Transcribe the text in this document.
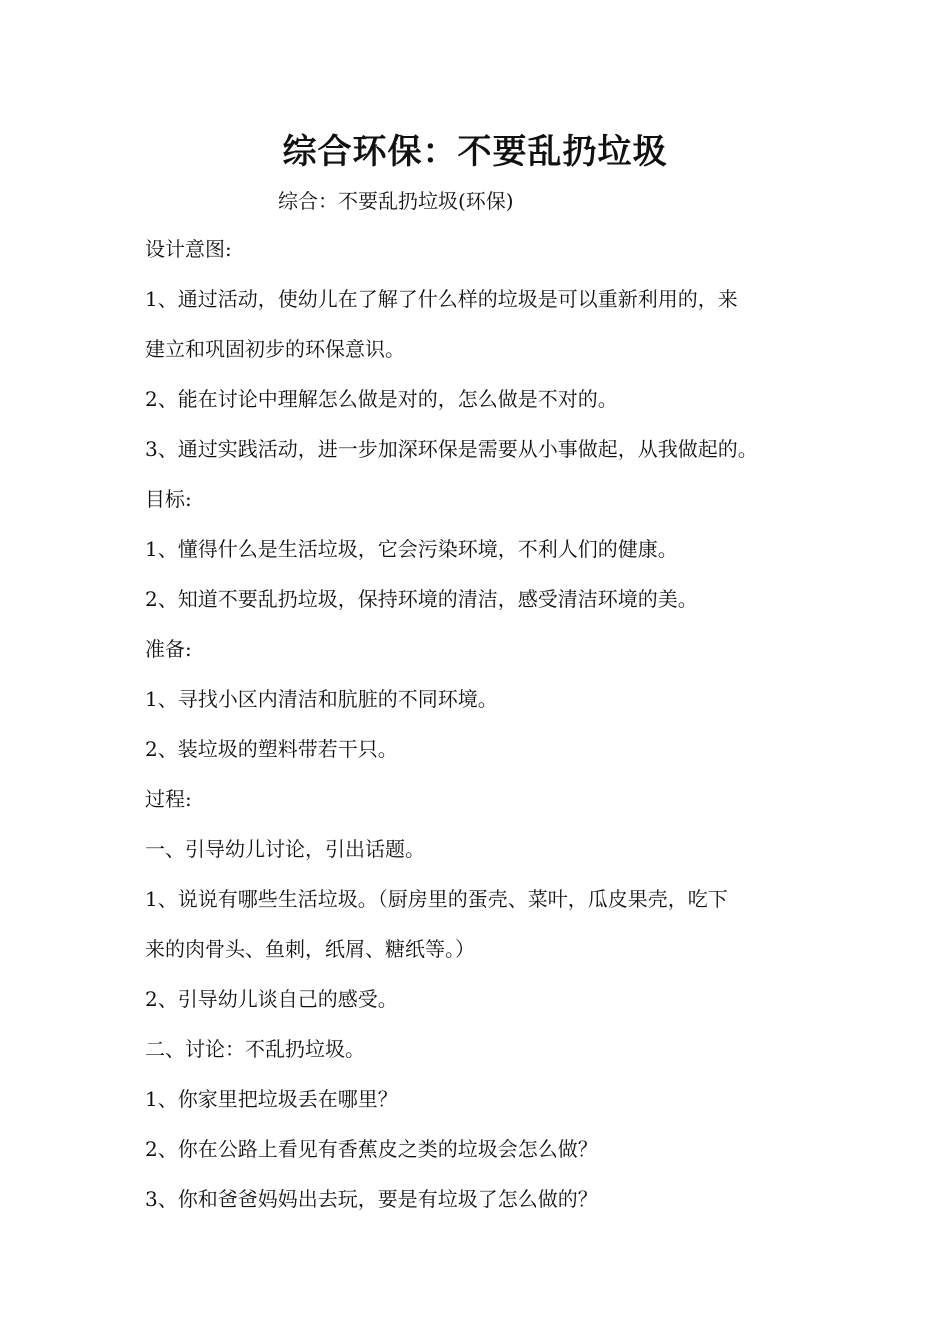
综合环保：不要乱扔垃圾
综合：不要乱扔垃圾(环保)
设计意图:
1、通过活动，使幼儿在了解了什么样的垃圾是可以重新利用的，来
建立和巩固初步的环保意识。
2、能在讨论中理解怎么做是对的，怎么做是不对的。
3、通过实践活动，进一步加深环保是需要从小事做起，从我做起的。
目标:
1、懂得什么是生活垃圾，它会污染环境，不利人们的健康。
2、知道不要乱扔垃圾，保持环境的清洁，感受清洁环境的美。
准备:
1、寻找小区内清洁和肮脏的不同环境。
2、装垃圾的塑料带若干只。
过程:
一、引导幼儿讨论，引出话题。
1、说说有哪些生活垃圾。（厨房里的蛋壳、菜叶，瓜皮果壳，吃下
来的肉骨头、鱼刺，纸屑、糖纸等。）
2、引导幼儿谈自己的感受。
二、讨论：不乱扔垃圾。
1、你家里把垃圾丢在哪里？
2、你在公路上看见有香蕉皮之类的垃圾会怎么做？
3、你和爸爸妈妈出去玩，要是有垃圾了怎么做的？
